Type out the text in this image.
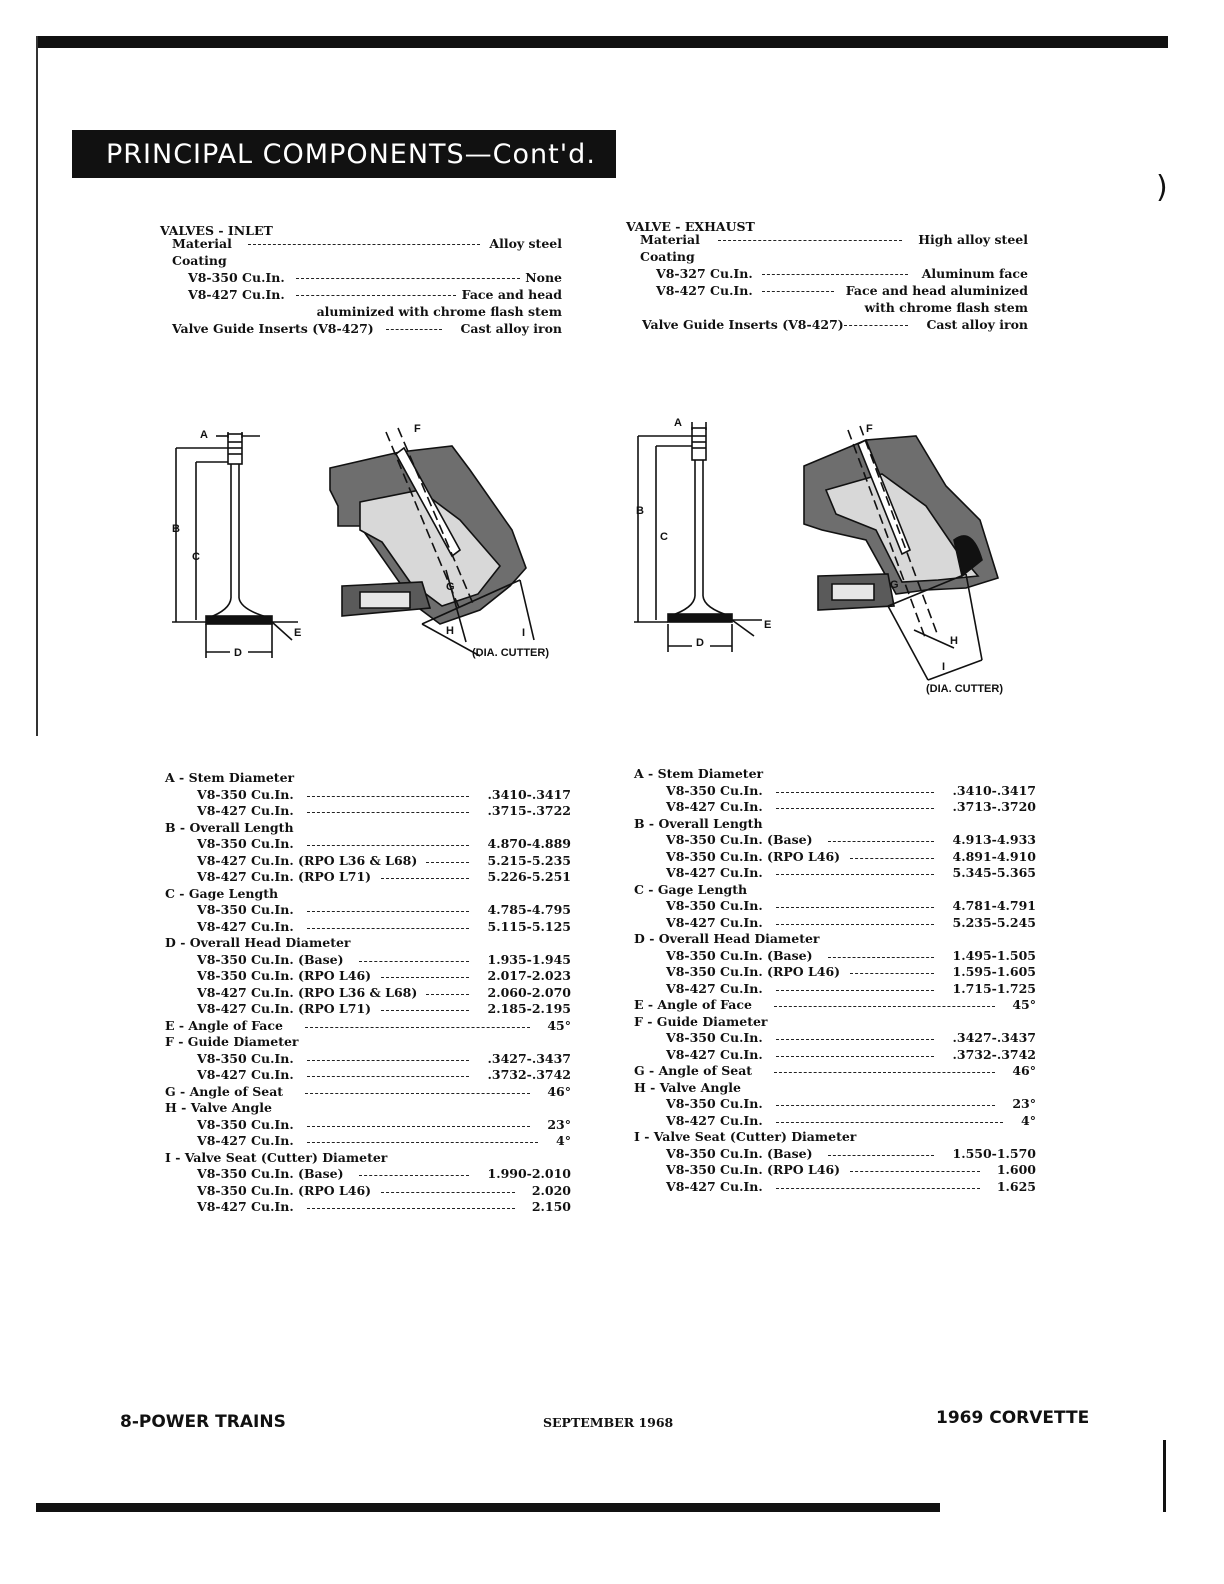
)
PRINCIPAL COMPONENTS—Cont'd.
VALVES - INLET
Material	Alloy steel
Coating
V8-350 Cu.In.	None
V8-427 Cu.In.	Face and head
aluminized with chrome flash stem
Valve Guide Inserts (V8-427)	Cast alloy iron
VALVE - EXHAUST
Material	High alloy steel
Coating
V8-327 Cu.In.	Aluminum face
V8-427 Cu.In.	Face and head aluminized
with chrome flash stem
Valve Guide Inserts (V8-427)	Cast alloy iron
A
B
C
D
E
F
G
H	I
(DIA. CUTTER)
A
B
C
D
E
F
G
H
I
(DIA. CUTTER)
A - Stem Diameter
V8-350 Cu.In.	.3410-.3417
V8-427 Cu.In.	.3715-.3722
B - Overall Length
V8-350 Cu.In.	4.870-4.889
V8-427 Cu.In. (RPO L36 & L68)	5.215-5.235
V8-427 Cu.In. (RPO L71)	5.226-5.251
C - Gage Length
V8-350 Cu.In.	4.785-4.795
V8-427 Cu.In.	5.115-5.125
D - Overall Head Diameter
V8-350 Cu.In. (Base)	1.935-1.945
V8-350 Cu.In. (RPO L46)	2.017-2.023
V8-427 Cu.In. (RPO L36 & L68)	2.060-2.070
V8-427 Cu.In. (RPO L71)	2.185-2.195
E - Angle of Face	45°
F - Guide Diameter
V8-350 Cu.In.	.3427-.3437
V8-427 Cu.In.	.3732-.3742
G - Angle of Seat	46°
H - Valve Angle
V8-350 Cu.In.	23°
V8-427 Cu.In.	4°
I - Valve Seat (Cutter) Diameter
V8-350 Cu.In. (Base)	1.990-2.010
V8-350 Cu.In. (RPO L46)	2.020
V8-427 Cu.In.	2.150
A - Stem Diameter
V8-350 Cu.In.	.3410-.3417
V8-427 Cu.In.	.3713-.3720
B - Overall Length
V8-350 Cu.In. (Base)	4.913-4.933
V8-350 Cu.In. (RPO L46)	4.891-4.910
V8-427 Cu.In.	5.345-5.365
C - Gage Length
V8-350 Cu.In.	4.781-4.791
V8-427 Cu.In.	5.235-5.245
D - Overall Head Diameter
V8-350 Cu.In. (Base)	1.495-1.505
V8-350 Cu.In. (RPO L46)	1.595-1.605
V8-427 Cu.In.	1.715-1.725
E - Angle of Face	45°
F - Guide Diameter
V8-350 Cu.In.	.3427-.3437
V8-427 Cu.In.	.3732-.3742
G - Angle of Seat	46°
H - Valve Angle
V8-350 Cu.In.	23°
V8-427 Cu.In.	4°
I - Valve Seat (Cutter) Diameter
V8-350 Cu.In. (Base)	1.550-1.570
V8-350 Cu.In. (RPO L46)	1.600
V8-427 Cu.In.	1.625
8-POWER TRAINS	SEPTEMBER 1968	1969 CORVETTE
